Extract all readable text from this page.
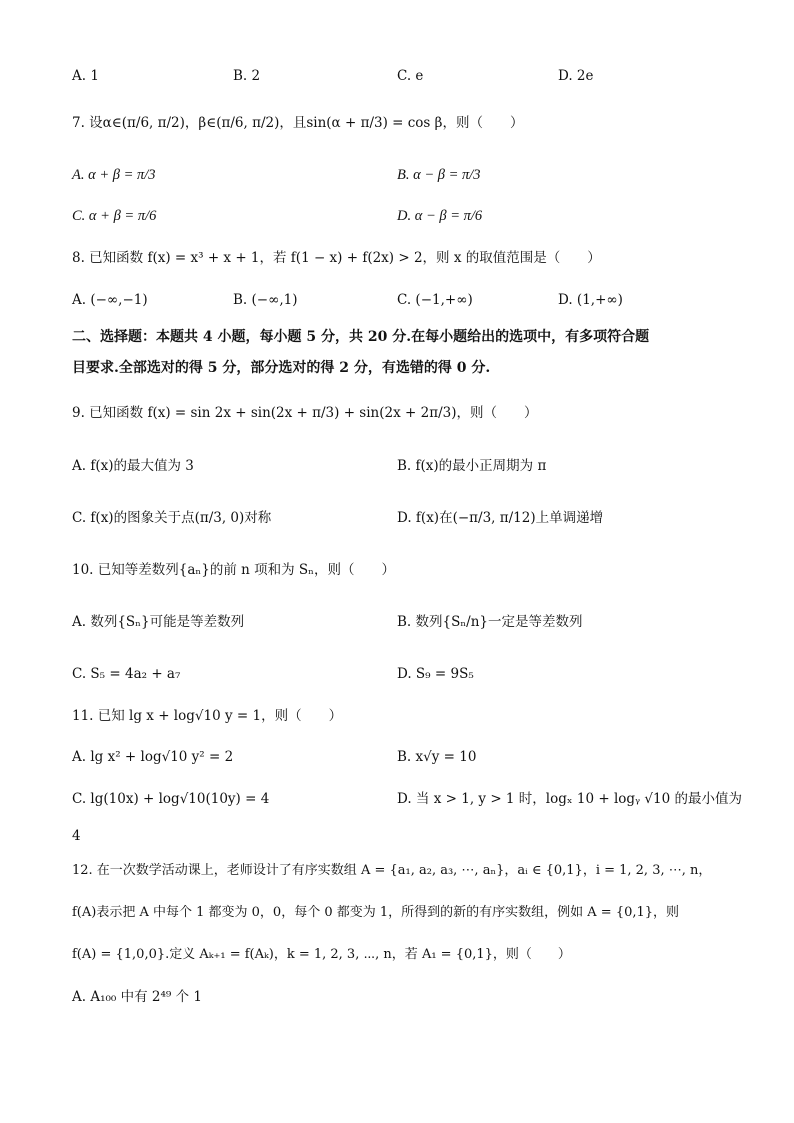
A. 1	B. 2	C. e	D. 2e
7. 设α∈(π/6, π/2)，β∈(π/6, π/2)，且sin(α + π/3) = cos β，则（　　）
A. α + β = π/3	B. α − β = π/3
C. α + β = π/6	D. α − β = π/6
8. 已知函数 f(x) = x³ + x + 1，若 f(1 − x) + f(2x) > 2，则 x 的取值范围是（　　）
A. (−∞,−1)	B. (−∞,1)	C. (−1,+∞)	D. (1,+∞)
二、选择题：本题共 4 小题，每小题 5 分，共 20 分.在每小题给出的选项中，有多项符合题
目要求.全部选对的得 5 分，部分选对的得 2 分，有选错的得 0 分.
9. 已知函数 f(x) = sin 2x + sin(2x + π/3) + sin(2x + 2π/3)，则（　　）
A. f(x)的最大值为 3	B. f(x)的最小正周期为 π
C. f(x)的图象关于点(π/3, 0)对称	D. f(x)在(−π/3, π/12)上单调递增
10. 已知等差数列{aₙ}的前 n 项和为 Sₙ，则（　　）
A. 数列{Sₙ}可能是等差数列	B. 数列{Sₙ/n}一定是等差数列
C. S₅ = 4a₂ + a₇	D. S₉ = 9S₅
11. 已知 lg x + log√10 y = 1，则（　　）
A. lg x² + log√10 y² = 2	B. x√y = 10
C. lg(10x) + log√10(10y) = 4	D. 当 x > 1, y > 1 时，logₓ 10 + logᵧ √10 的最小值为
4
12. 在一次数学活动课上，老师设计了有序实数组 A = {a₁, a₂, a₃, ⋯, aₙ}，aᵢ ∈ {0,1}，i = 1, 2, 3, ⋯, n，
f(A)表示把 A 中每个 1 都变为 0，0，每个 0 都变为 1，所得到的新的有序实数组，例如 A = {0,1}，则
f(A) = {1,0,0}.定义 Aₖ₊₁ = f(Aₖ)，k = 1, 2, 3, ⋯, n，若 A₁ = {0,1}，则（　　）
A. A₁₀₀ 中有 2⁴⁹ 个 1
